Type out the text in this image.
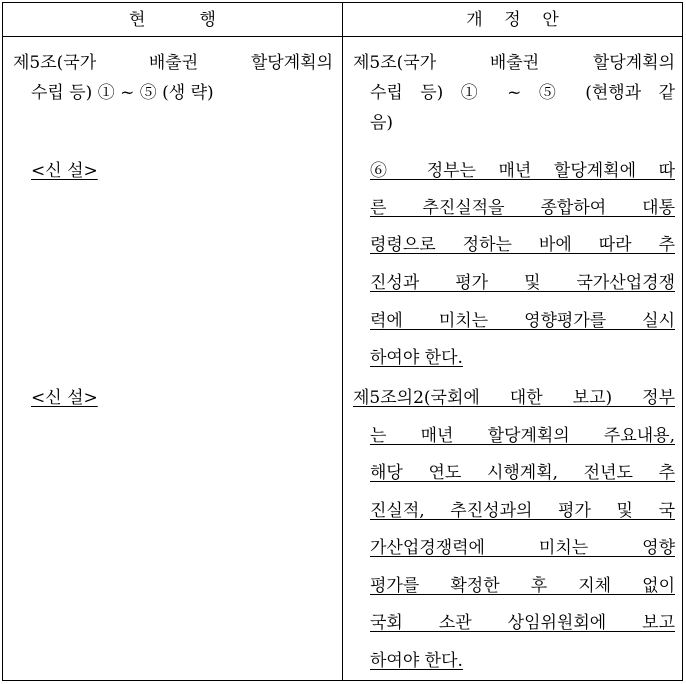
현          행	개    정    안
제5조(국가 배출권 할당계획의
수립 등) ① ~ ⑤ (생 략)
<신 설>
<신 설>
제5조(국가 배출권 할당계획의
수립 등) ① ~ ⑤ (현행과 같
음)
⑥ 정부는 매년 할당계획에 따
른 추진실적을 종합하여 대통
령령으로 정하는 바에 따라 추
진성과 평가 및 국가산업경쟁
력에 미치는 영향평가를 실시
하여야 한다.
제5조의2(국회에 대한 보고) 정부
는 매년 할당계획의 주요내용,
해당 연도 시행계획, 전년도 추
진실적, 추진성과의 평가 및 국
가산업경쟁력에 미치는 영향
평가를 확정한 후 지체 없이
국회 소관 상임위원회에 보고
하여야 한다.
